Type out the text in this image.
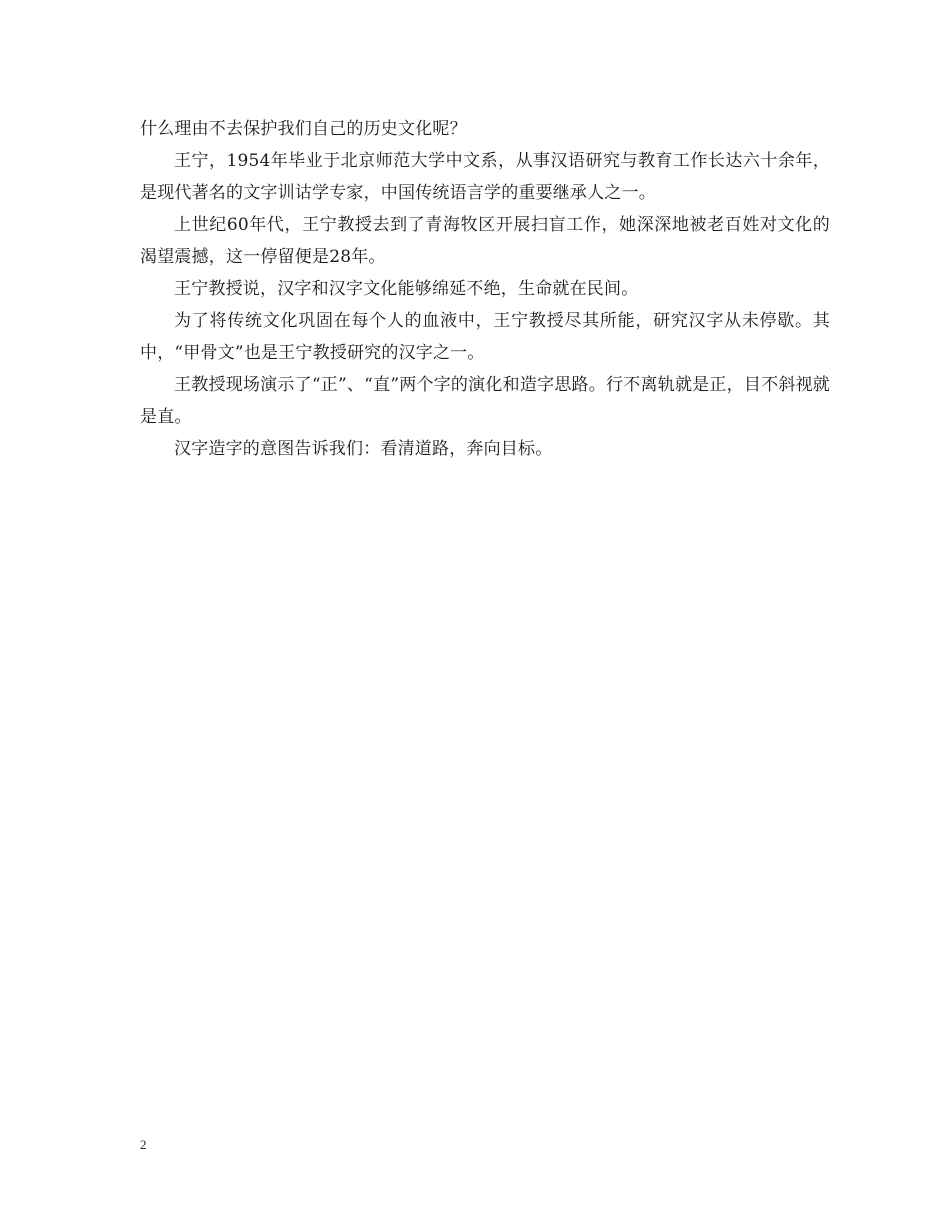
什么理由不去保护我们自己的历史文化呢？

王宁，1954年毕业于北京师范大学中文系，从事汉语研究与教育工作长达六十余年，是现代著名的文字训诂学专家，中国传统语言学的重要继承人之一。

上世纪60年代，王宁教授去到了青海牧区开展扫盲工作，她深深地被老百姓对文化的渴望震撼，这一停留便是28年。

王宁教授说，汉字和汉字文化能够绵延不绝，生命就在民间。

为了将传统文化巩固在每个人的血液中，王宁教授尽其所能，研究汉字从未停歇。其中，“甲骨文”也是王宁教授研究的汉字之一。

王教授现场演示了“正”、“直”两个字的演化和造字思路。行不离轨就是正，目不斜视就是直。

汉字造字的意图告诉我们：看清道路，奔向目标。

2
